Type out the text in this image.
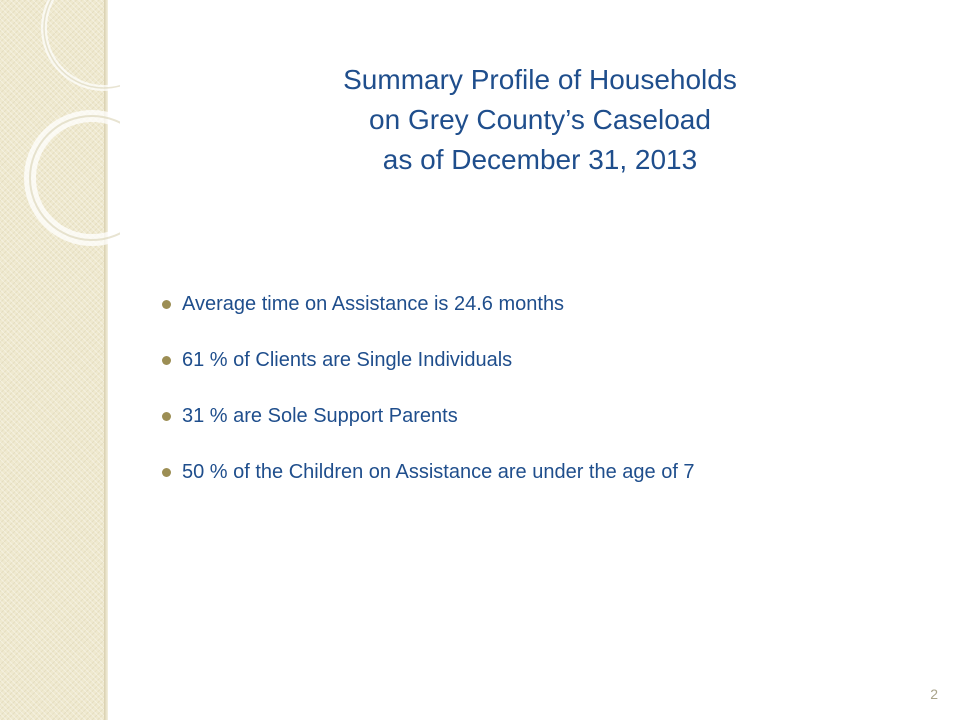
Summary Profile of Households
on Grey County’s Caseload
as of December 31, 2013
Average time on Assistance is 24.6 months
61 % of Clients are Single Individuals
31 % are Sole Support Parents
50 % of the Children on Assistance are under the age of 7
2
